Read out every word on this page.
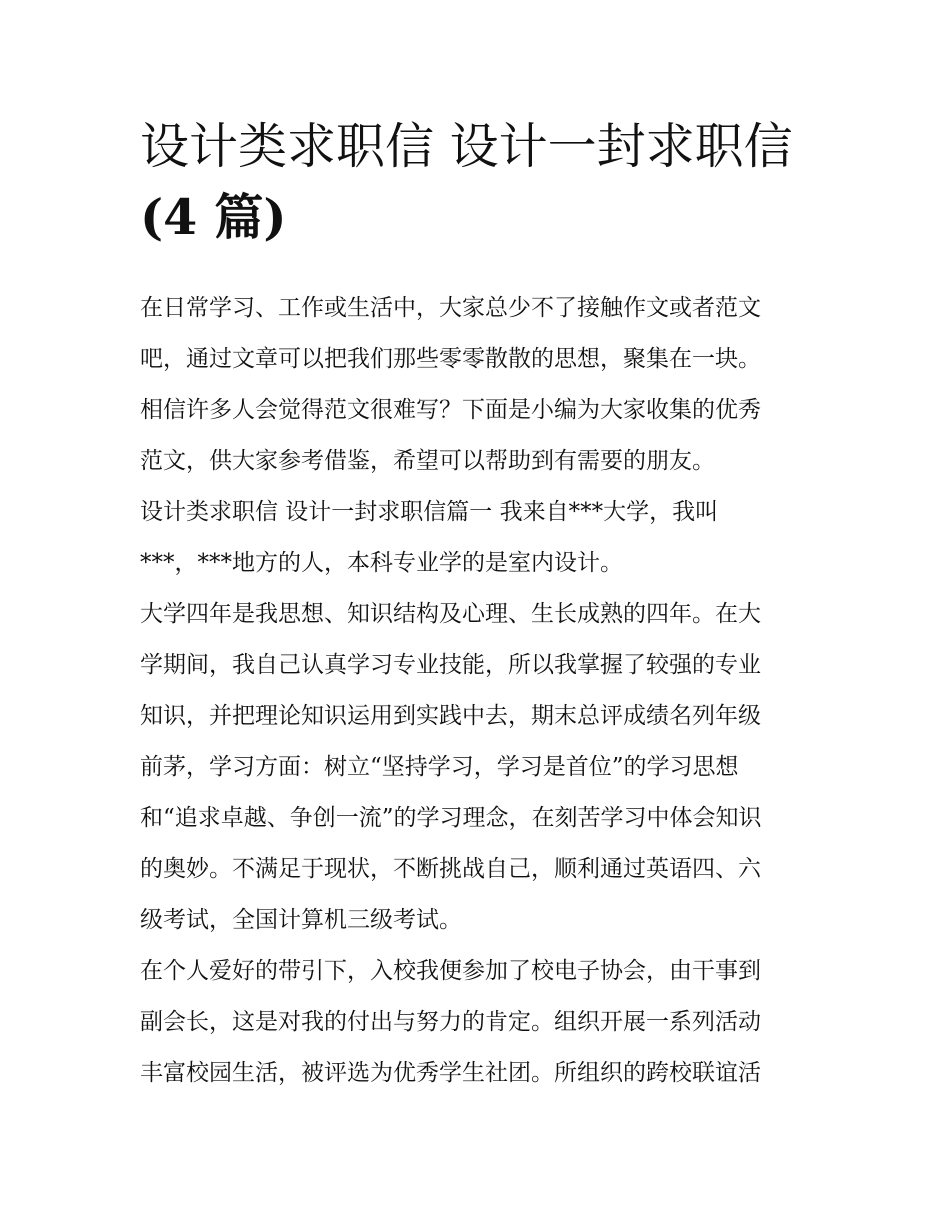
设计类求职信 设计一封求职信
(4 篇)
在日常学习、工作或生活中，大家总少不了接触作文或者范文
吧，通过文章可以把我们那些零零散散的思想，聚集在一块。
相信许多人会觉得范文很难写？下面是小编为大家收集的优秀
范文，供大家参考借鉴，希望可以帮助到有需要的朋友。
设计类求职信 设计一封求职信篇一 我来自***大学，我叫
***，***地方的人，本科专业学的是室内设计。
大学四年是我思想、知识结构及心理、生长成熟的四年。在大
学期间，我自己认真学习专业技能，所以我掌握了较强的专业
知识，并把理论知识运用到实践中去，期末总评成绩名列年级
前茅，学习方面：树立“坚持学习，学习是首位”的学习思想
和“追求卓越、争创一流”的学习理念，在刻苦学习中体会知识
的奥妙。不满足于现状，不断挑战自己，顺利通过英语四、六
级考试，全国计算机三级考试。
在个人爱好的带引下，入校我便参加了校电子协会，由干事到
副会长，这是对我的付出与努力的肯定。组织开展一系列活动
丰富校园生活，被评选为优秀学生社团。所组织的跨校联谊活
